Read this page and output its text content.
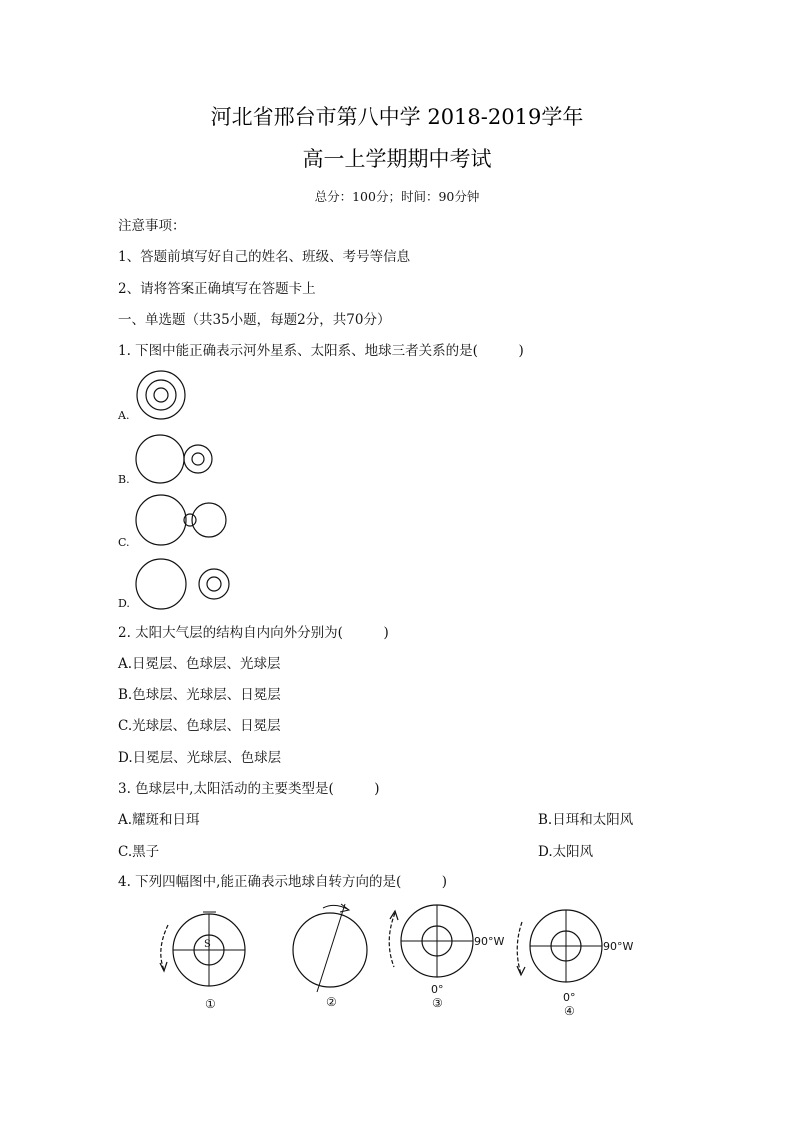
河北省邢台市第八中学 2018-2019学年
高一上学期期中考试
总分：100分；时间：90分钟
注意事项：
1、答题前填写好自己的姓名、班级、考号等信息
2、请将答案正确填写在答题卡上
一、单选题（共35小题，每题2分，共70分）
1. 下图中能正确表示河外星系、太阳系、地球三者关系的是(　　　)
A.
B.
C.
D.
2. 太阳大气层的结构自内向外分别为(　　　)
A.日冕层、色球层、光球层
B.色球层、光球层、日冕层
C.光球层、色球层、日冕层
D.日冕层、光球层、色球层
3. 色球层中,太阳活动的主要类型是(　　　)
A.耀斑和日珥	B.日珥和太阳风
C.黑子	D.太阳风
4. 下列四幅图中,能正确表示地球自转方向的是(　　　)
S
①	②
90°W
0°
③
90°W
0°
④
